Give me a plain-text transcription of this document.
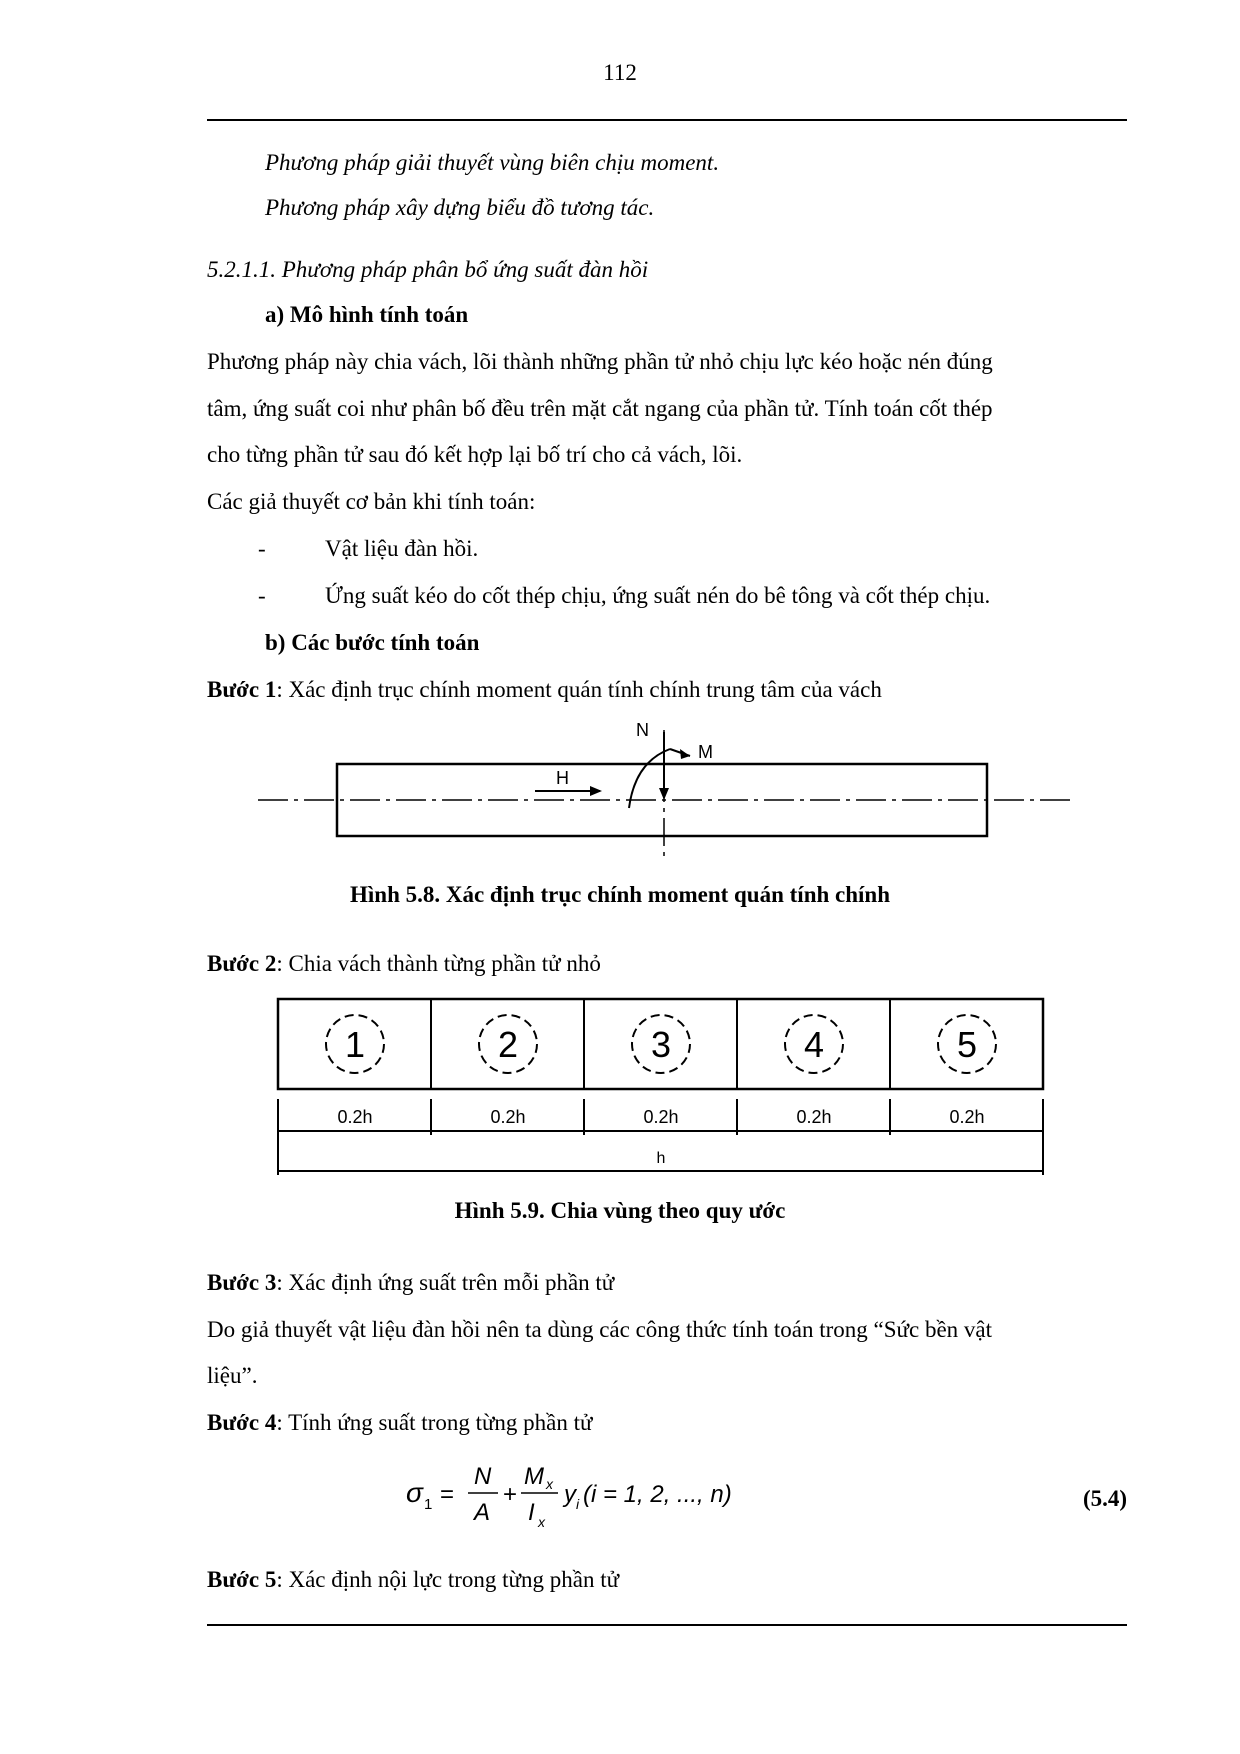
112
Phương pháp giải thuyết vùng biên chịu moment.
Phương pháp xây dựng biểu đồ tương tác.
5.2.1.1. Phương pháp phân bổ ứng suất đàn hồi
a) Mô hình tính toán
Phương pháp này chia vách, lõi thành những phần tử nhỏ chịu lực kéo hoặc nén đúng
tâm, ứng suất coi như phân bố đều trên mặt cắt ngang của phần tử. Tính toán cốt thép
cho từng phần tử sau đó kết hợp lại bố trí cho cả vách, lõi.
Các giả thuyết cơ bản khi tính toán:
-	Vật liệu đàn hồi.
-	Ứng suất kéo do cốt thép chịu, ứng suất nén do bê tông và cốt thép chịu.
b) Các bước tính toán
Bước 1: Xác định trục chính moment quán tính chính trung tâm của vách
N
M
H
Hình 5.8. Xác định trục chính moment quán tính chính
Bước 2: Chia vách thành từng phần tử nhỏ
1	2	3	4	5
0.2h	0.2h	0.2h	0.2h	0.2h
h
Hình 5.9. Chia vùng theo quy ước
Bước 3: Xác định ứng suất trên mỗi phần tử
Do giả thuyết vật liệu đàn hồi nên ta dùng các công thức tính toán trong “Sức bền vật
liệu”.
Bước 4: Tính ứng suất trong từng phần tử
σ 1 =
N
A
+
M x
I x
y i (i = 1, 2, ..., n)	(5.4)
Bước 5: Xác định nội lực trong từng phần tử
